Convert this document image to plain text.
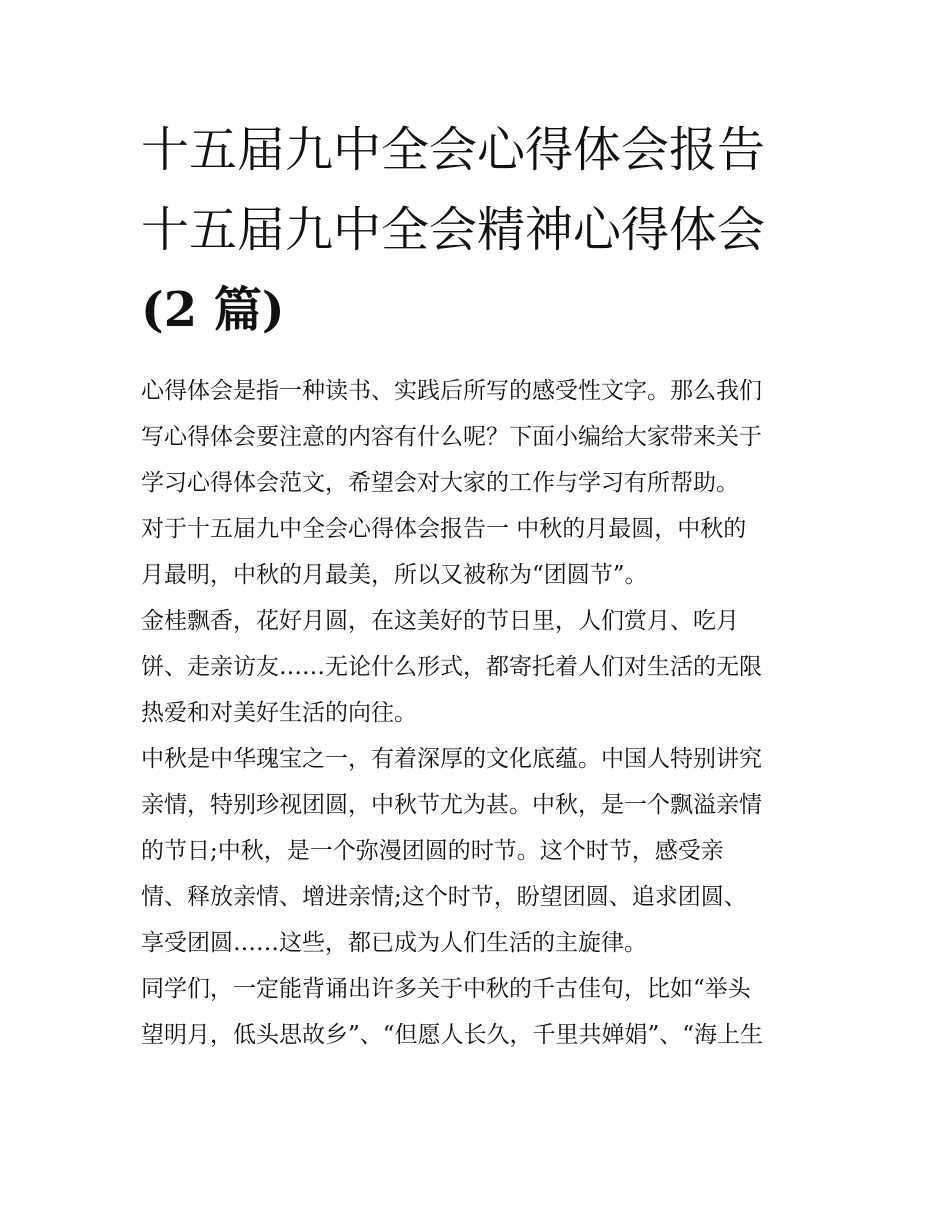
十五届九中全会心得体会报告
十五届九中全会精神心得体会
(2 篇)
心得体会是指一种读书、实践后所写的感受性文字。那么我们
写心得体会要注意的内容有什么呢？下面小编给大家带来关于
学习心得体会范文，希望会对大家的工作与学习有所帮助。
对于十五届九中全会心得体会报告一 中秋的月最圆，中秋的
月最明，中秋的月最美，所以又被称为“团圆节”。
金桂飘香，花好月圆，在这美好的节日里，人们赏月、吃月
饼、走亲访友……无论什么形式，都寄托着人们对生活的无限
热爱和对美好生活的向往。
中秋是中华瑰宝之一，有着深厚的文化底蕴。中国人特别讲究
亲情，特别珍视团圆，中秋节尤为甚。中秋，是一个飘溢亲情
的节日;中秋，是一个弥漫团圆的时节。这个时节，感受亲
情、释放亲情、增进亲情;这个时节，盼望团圆、追求团圆、
享受团圆……这些，都已成为人们生活的主旋律。
同学们，一定能背诵出许多关于中秋的千古佳句，比如“举头
望明月，低头思故乡”、“但愿人长久，千里共婵娟”、“海上生
